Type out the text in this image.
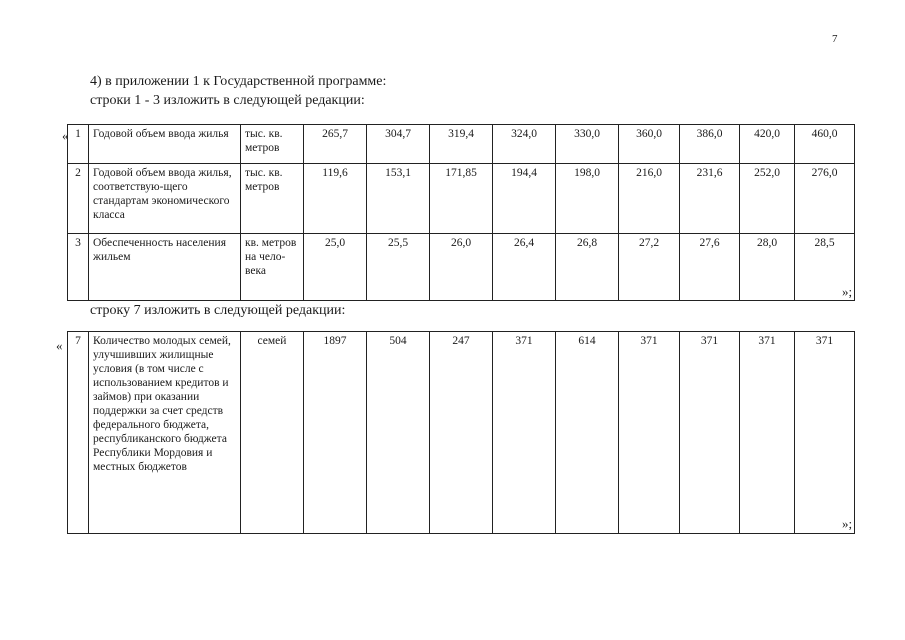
7
4) в приложении 1 к Государственной программе:
строки 1 - 3 изложить в следующей редакции:
« 1	Годовой объем ввода жилья	тыс. кв. метров	265,7	304,7	319,4	324,0	330,0	360,0	386,0	420,0	460,0
2	Годовой объем ввода жилья, соответствую-щего стандартам экономического класса	тыс. кв. метров	119,6	153,1	171,85	194,4	198,0	216,0	231,6	252,0	276,0
3	Обеспеченность населения жильем	кв. метров на чело-века	25,0	25,5	26,0	26,4	26,8	27,2	27,6	28,0	28,5
»;
строку 7 изложить в следующей редакции:
« 7	Количество молодых семей, улучшивших жилищные условия (в том числе с использованием кредитов и займов) при оказании поддержки за счет средств федерального бюджета, республиканского бюджета Республики Мордовия и местных бюджетов	семей	1897	504	247	371	614	371	371	371	371
»;
